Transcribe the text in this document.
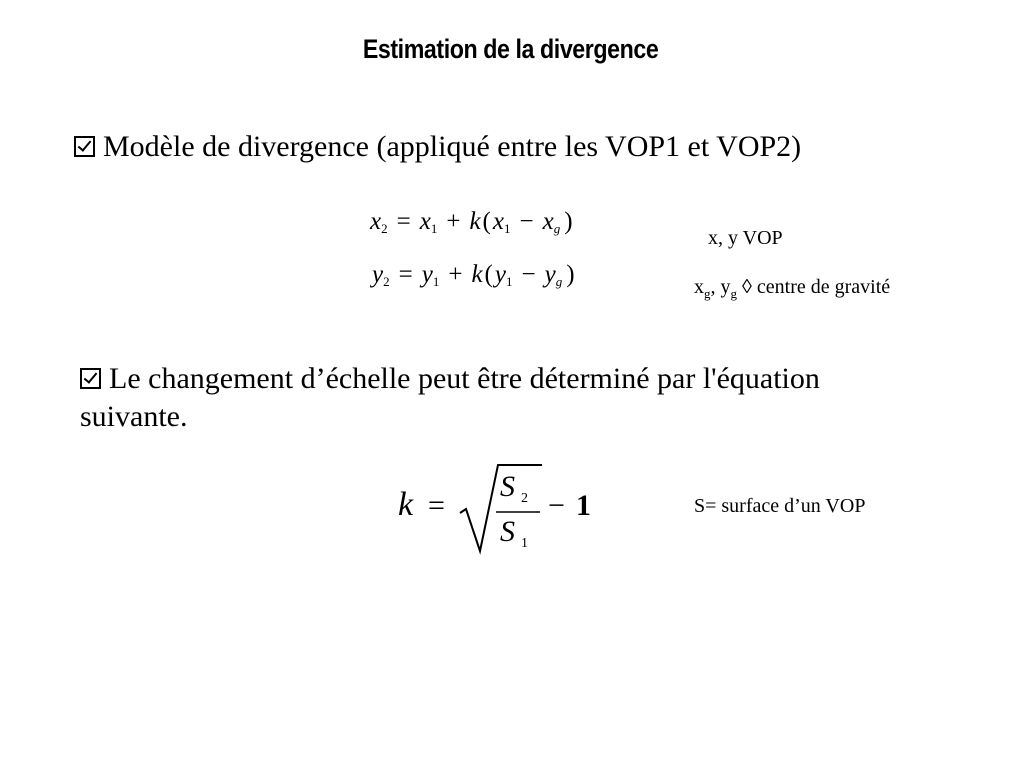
Estimation de la divergence
Modèle de divergence (appliqué entre les VOP1 et VOP2)
$x_2 = x_1 + k(x_1 - x_g$ )
$y_2 = y_1 + k(y_1 - y_g$ )
x, y VOP
$x_g$, $y_g$ ◊ centre de gravité
Le changement d’échelle peut être déterminé par l'équation
suivante.
k =
S 2
S 1
− 1	S= surface d’un VOP
